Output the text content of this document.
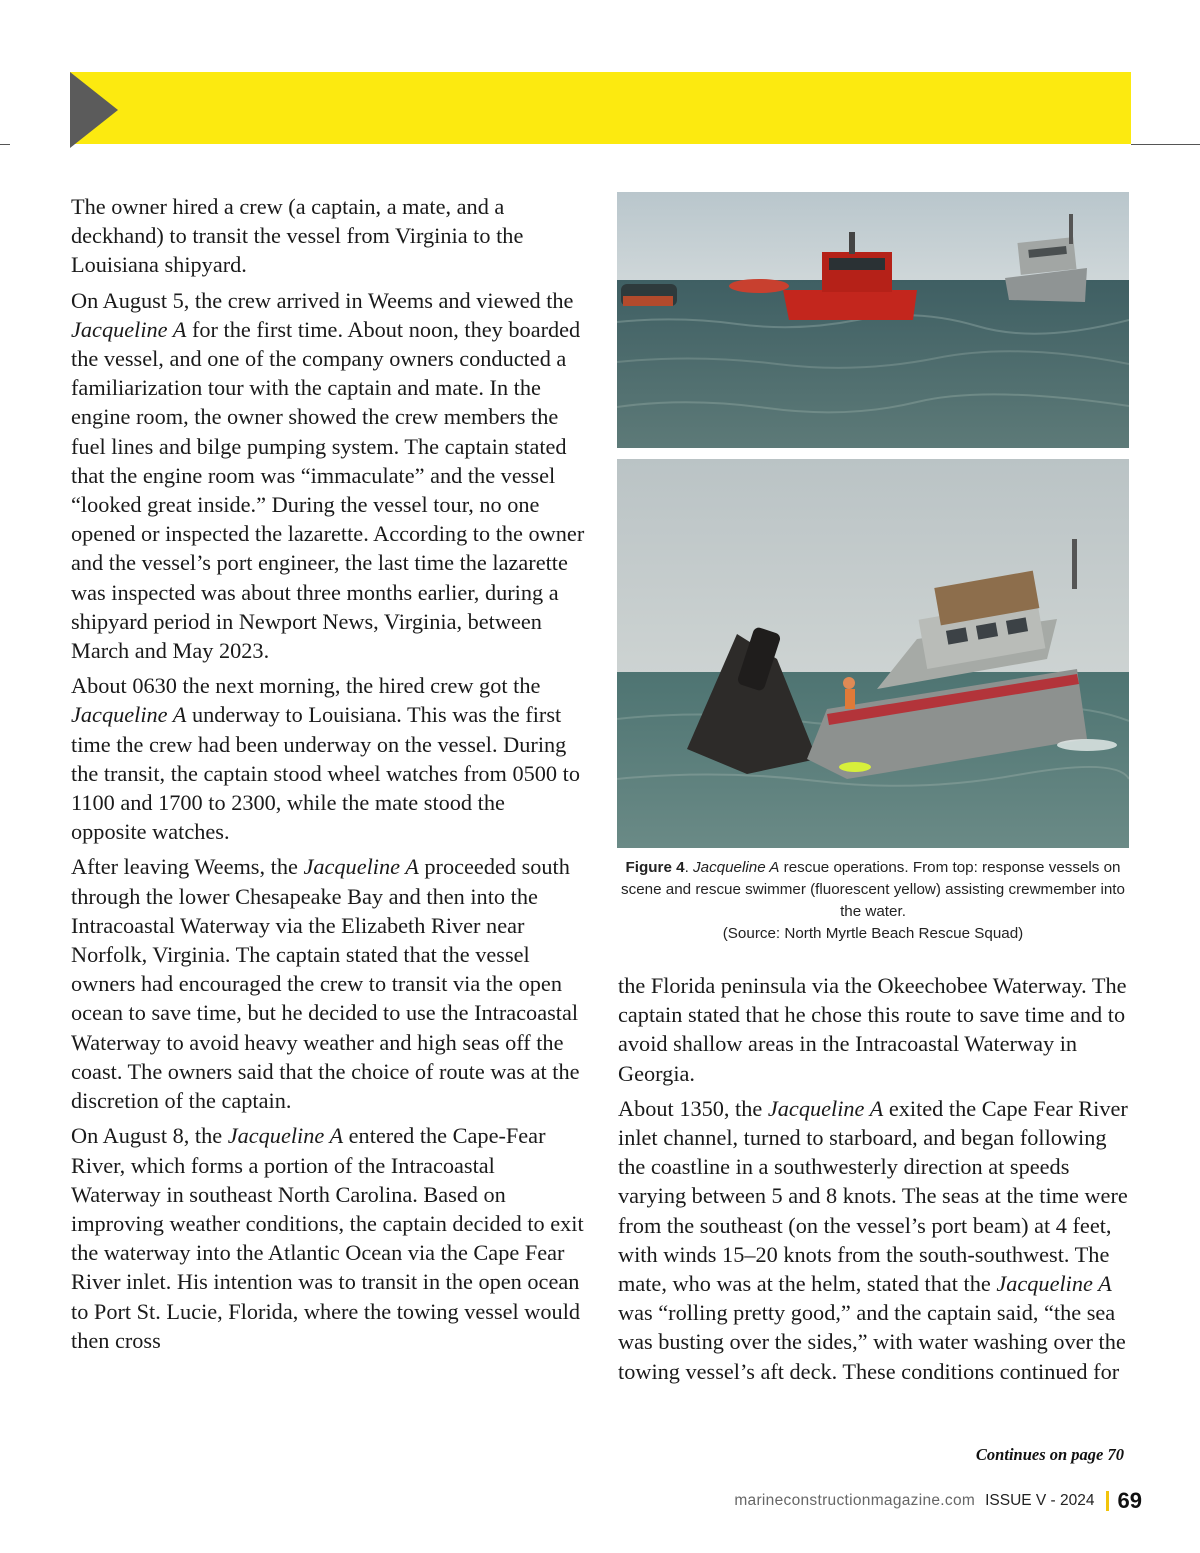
The owner hired a crew (a captain, a mate, and a deckhand) to transit the vessel from Virginia to the Louisiana shipyard.

On August 5, the crew arrived in Weems and viewed the Jacqueline A for the first time. About noon, they boarded the vessel, and one of the company owners conducted a familiarization tour with the captain and mate. In the engine room, the owner showed the crew members the fuel lines and bilge pumping system. The captain stated that the engine room was “immaculate” and the vessel “looked great inside.” During the vessel tour, no one opened or inspected the lazarette. According to the owner and the vessel’s port engineer, the last time the lazarette was inspected was about three months earlier, during a shipyard period in Newport News, Virginia, between March and May 2023.

About 0630 the next morning, the hired crew got the Jacqueline A underway to Louisiana. This was the first time the crew had been underway on the vessel. During the transit, the captain stood wheel watches from 0500 to 1100 and 1700 to 2300, while the mate stood the opposite watches.

After leaving Weems, the Jacqueline A proceeded south through the lower Chesapeake Bay and then into the Intracoastal Waterway via the Elizabeth River near Norfolk, Virginia. The captain stated that the vessel owners had encouraged the crew to transit via the open ocean to save time, but he decided to use the Intracoastal Waterway to avoid heavy weather and high seas off the coast. The owners said that the choice of route was at the discretion of the captain.

On August 8, the Jacqueline A entered the Cape-Fear River, which forms a portion of the Intracoastal Waterway in southeast North Carolina. Based on improving weather conditions, the captain decided to exit the waterway into the Atlantic Ocean via the Cape Fear River inlet. His intention was to transit in the open ocean to Port St. Lucie, Florida, where the towing vessel would then cross

Figure 4. Jacqueline A rescue operations. From top: response vessels on scene and rescue swimmer (fluorescent yellow) assisting crewmember into the water.
(Source: North Myrtle Beach Rescue Squad)

the Florida peninsula via the Okeechobee Waterway. The captain stated that he chose this route to save time and to avoid shallow areas in the Intracoastal Waterway in Georgia.

About 1350, the Jacqueline A exited the Cape Fear River inlet channel, turned to starboard, and began following the coastline in a southwesterly direction at speeds varying between 5 and 8 knots. The seas at the time were from the southeast (on the vessel’s port beam) at 4 feet, with winds 15–20 knots from the south-southwest. The mate, who was at the helm, stated that the Jacqueline A was “rolling pretty good,” and the captain said, “the sea was busting over the sides,” with water washing over the towing vessel’s aft deck. These conditions continued for

Continues on page 70
marineconstructionmagazine.com ISSUE V - 2024 69
